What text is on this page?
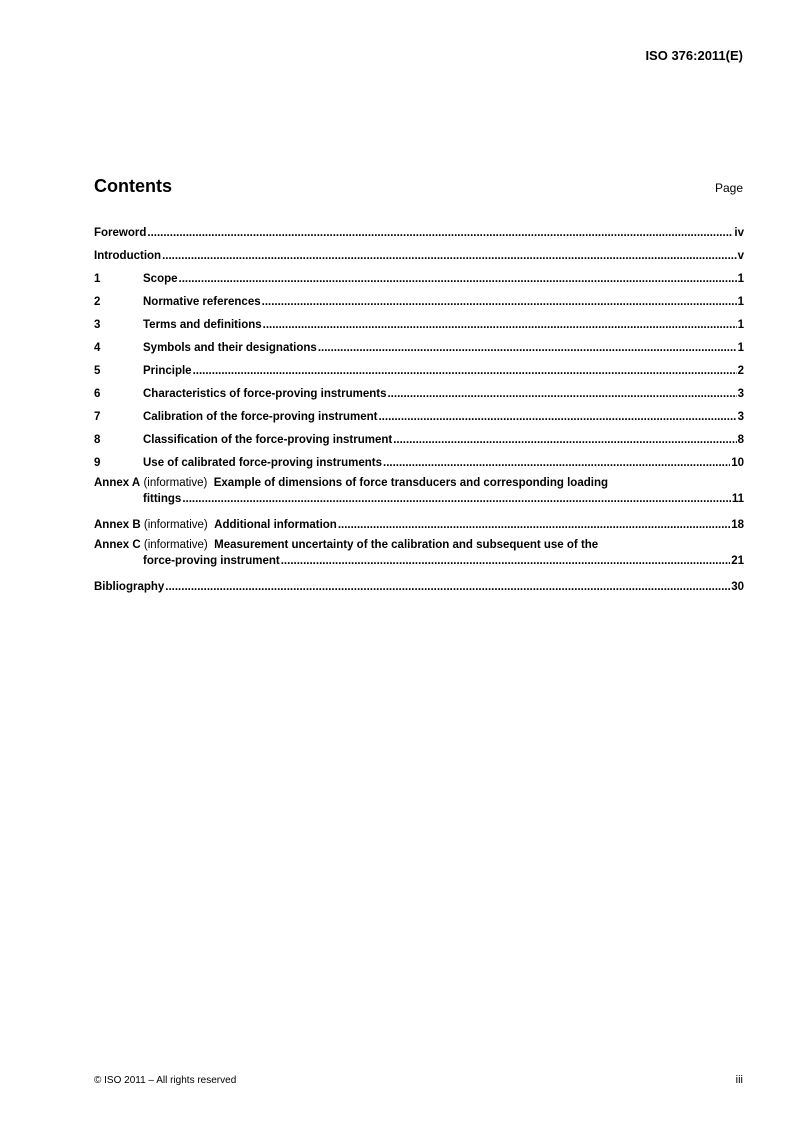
ISO 376:2011(E)
Contents	Page
Foreword .....	iv
Introduction .....	v
1	Scope .....	1
2	Normative references .....	1
3	Terms and definitions .....	1
4	Symbols and their designations .....	1
5	Principle .....	2
6	Characteristics of force-proving instruments .....	3
7	Calibration of the force-proving instrument .....	3
8	Classification of the force-proving instrument .....	8
9	Use of calibrated force-proving instruments .....	10
Annex A
(informative)
Example of dimensions of force transducers and corresponding loading
fittings .....	11
Annex B
(informative)
Additional information .....	18
Annex C
(informative)
Measurement uncertainty of the calibration and subsequent use of the
force-proving instrument .....	21
Bibliography .....	30
© ISO 2011 – All rights reserved	iii
